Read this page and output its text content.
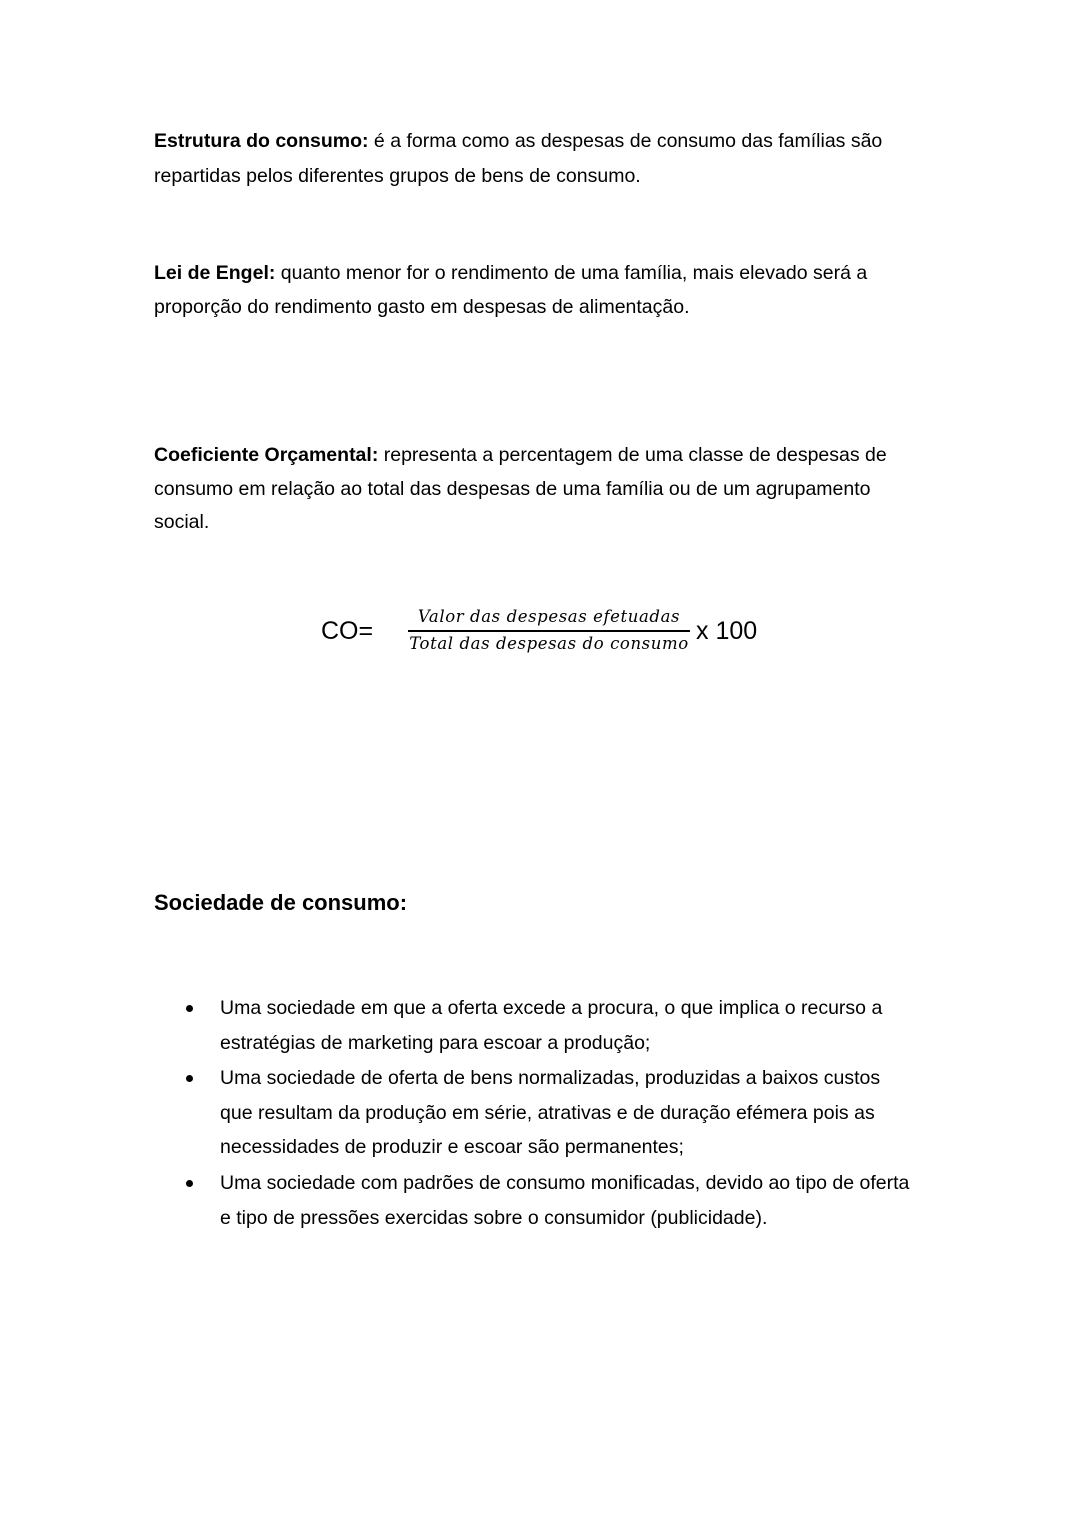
Estrutura do consumo: é a forma como as despesas de consumo das famílias são
repartidas pelos diferentes grupos de bens de consumo.
Lei de Engel: quanto menor for o rendimento de uma família, mais elevado será a
proporção do rendimento gasto em despesas de alimentação.
Coeficiente Orçamental: representa a percentagem de uma classe de despesas de
consumo em relação ao total das despesas de uma família ou de um agrupamento
social.
CO=
Valor das despesas efetuadas
Total das despesas do consumo x 100
Sociedade de consumo:
Uma sociedade em que a oferta excede a procura, o que implica o recurso a
estratégias de marketing para escoar a produção;
Uma sociedade de oferta de bens normalizadas, produzidas a baixos custos
que resultam da produção em série, atrativas e de duração efémera pois as
necessidades de produzir e escoar são permanentes;
Uma sociedade com padrões de consumo monificadas, devido ao tipo de oferta
e tipo de pressões exercidas sobre o consumidor (publicidade).
